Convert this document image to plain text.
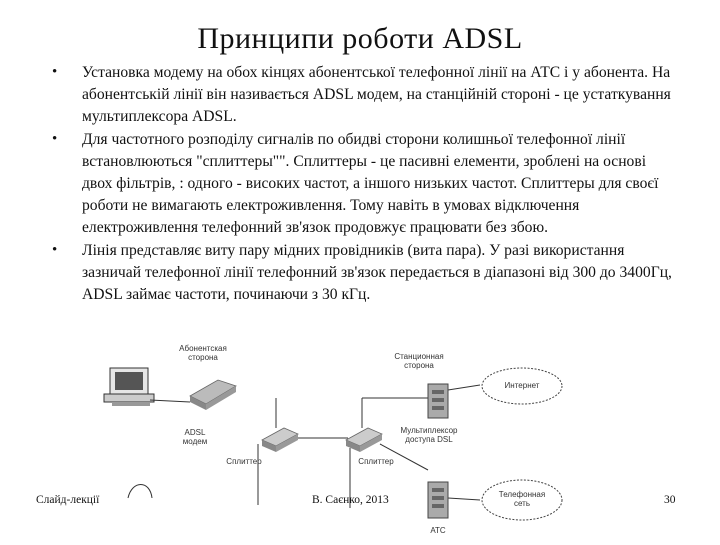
Принципи роботи ADSL
• Установка модему на обох кінцях абонентської телефонної лінії на АТС і у абонента. На абонентській лінії він називається ADSL модем, на станційній стороні - це устаткування мультиплексора ADSL.
• Для частотного розподілу сигналів по обидві сторони колишньої телефонної лінії встановлюються "сплиттеры"". Сплиттеры - це пасивні елементи, зроблені на основі двох фільтрів, : одного - високих частот, а іншого низьких частот. Сплиттеры для своєї роботи не вимагають електроживлення. Тому навіть в умовах відключення електроживлення телефонний зв'язок продовжує працювати без збою.
• Лінія представляє виту пару мідних провідників (вита пара). У разі використання зазничай телефонної лінії телефонний зв'язок передається в діапазоні від 300 до 3400Гц, ADSL займає частоти, починаючи з 30 кГц.
Абонентская сторона	Станционная сторона
ADSL модем
Сплиттер	Сплиттер
Мультиплексор доступа DSL
Интернет
Телефонная сеть
АТС
Слайд-лекції	В. Саєнко, 2013	30
